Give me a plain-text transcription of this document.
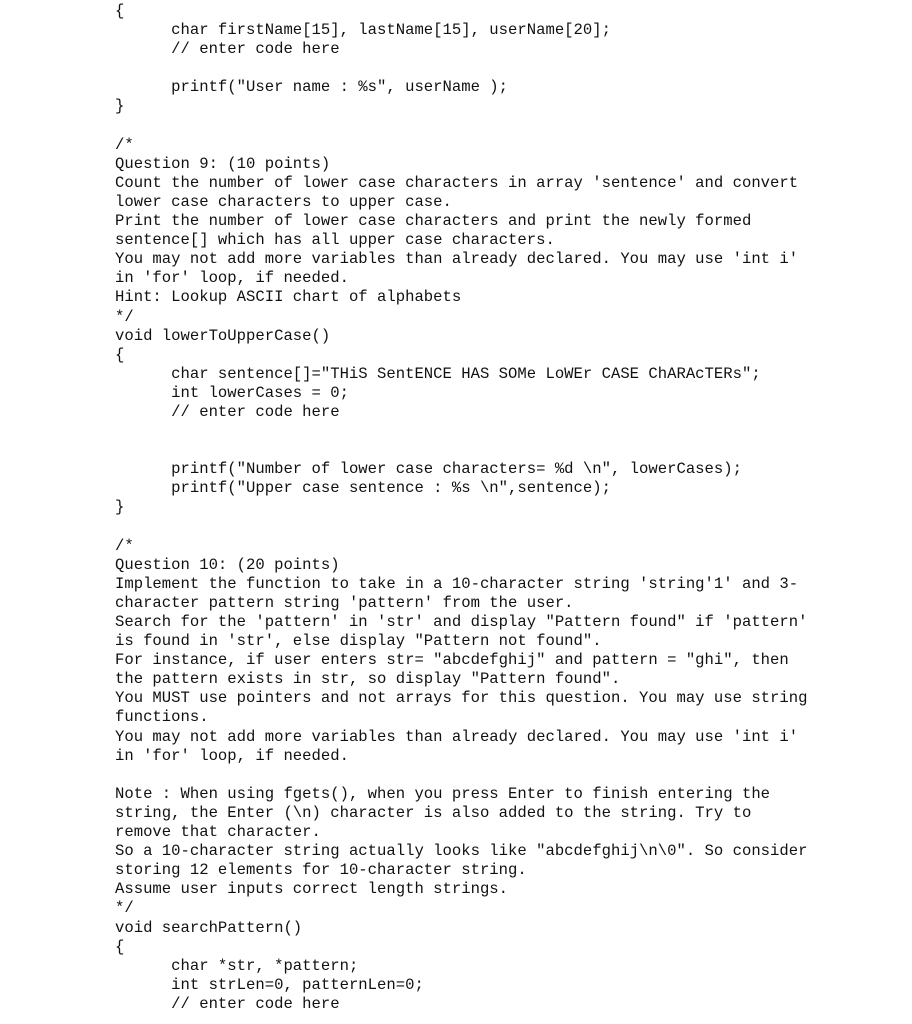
{
char firstName[15], lastName[15], userName[20];
// enter code here
printf("User name : %s", userName );
}
/*
Question 9: (10 points)
Count the number of lower case characters in array 'sentence' and convert
lower case characters to upper case.
Print the number of lower case characters and print the newly formed
sentence[] which has all upper case characters.
You may not add more variables than already declared. You may use 'int i'
in 'for' loop, if needed.
Hint: Lookup ASCII chart of alphabets
*/
void lowerToUpperCase()
{
char sentence[]="THiS SentENCE HAS SOMe LoWEr CASE ChARAcTERs";
int lowerCases = 0;
// enter code here
printf("Number of lower case characters= %d \n", lowerCases);
printf("Upper case sentence : %s \n",sentence);
}
/*
Question 10: (20 points)
Implement the function to take in a 10-character string 'string'1' and 3-
character pattern string 'pattern' from the user.
Search for the 'pattern' in 'str' and display "Pattern found" if 'pattern'
is found in 'str', else display "Pattern not found".
For instance, if user enters str= "abcdefghij" and pattern = "ghi", then
the pattern exists in str, so display "Pattern found".
You MUST use pointers and not arrays for this question. You may use string
functions.
You may not add more variables than already declared. You may use 'int i'
in 'for' loop, if needed.
Note : When using fgets(), when you press Enter to finish entering the
string, the Enter (\n) character is also added to the string. Try to
remove that character.
So a 10-character string actually looks like "abcdefghij\n\0". So consider
storing 12 elements for 10-character string.
Assume user inputs correct length strings.
*/
void searchPattern()
{
char *str, *pattern;
int strLen=0, patternLen=0;
// enter code here
